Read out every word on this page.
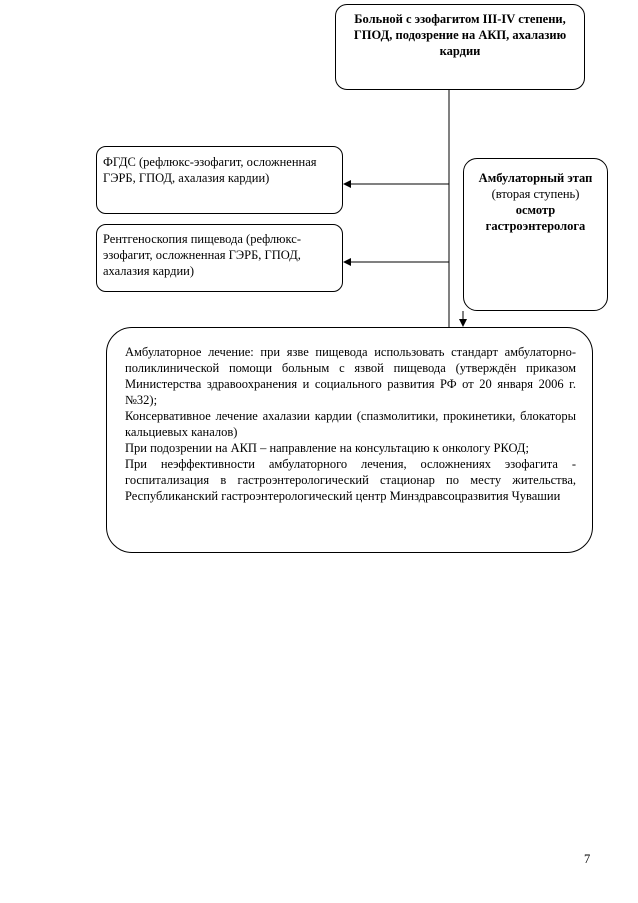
Больной с эзофагитом III-IV степени, ГПОД, подозрение на АКП, ахалазию кардии
ФГДС (рефлюкс-эзофагит, осложненная ГЭРБ, ГПОД, ахалазия кардии)
Рентгеноскопия пищевода (рефлюкс-эзофагит, осложненная ГЭРБ, ГПОД, ахалазия кардии)
Амбулаторный этап
(вторая ступень)
осмотр гастроэнтеролога

Амбулаторное лечение: при язве пищевода использовать стандарт амбулаторно-поликлинической помощи больным с язвой пищевода (утверждён приказом Министерства здравоохранения и социального развития РФ от 20 января 2006 г. №32);

Консервативное лечение ахалазии кардии (спазмолитики, прокинетики, блокаторы кальциевых каналов)

При подозрении на АКП – направление на консультацию к онкологу РКОД;

При неэффективности амбулаторного лечения, осложнениях эзофагита - госпитализация в гастроэнтерологический стационар по месту жительства, Республиканский гастроэнтерологический центр Минздравсоцразвития Чувашии

7
